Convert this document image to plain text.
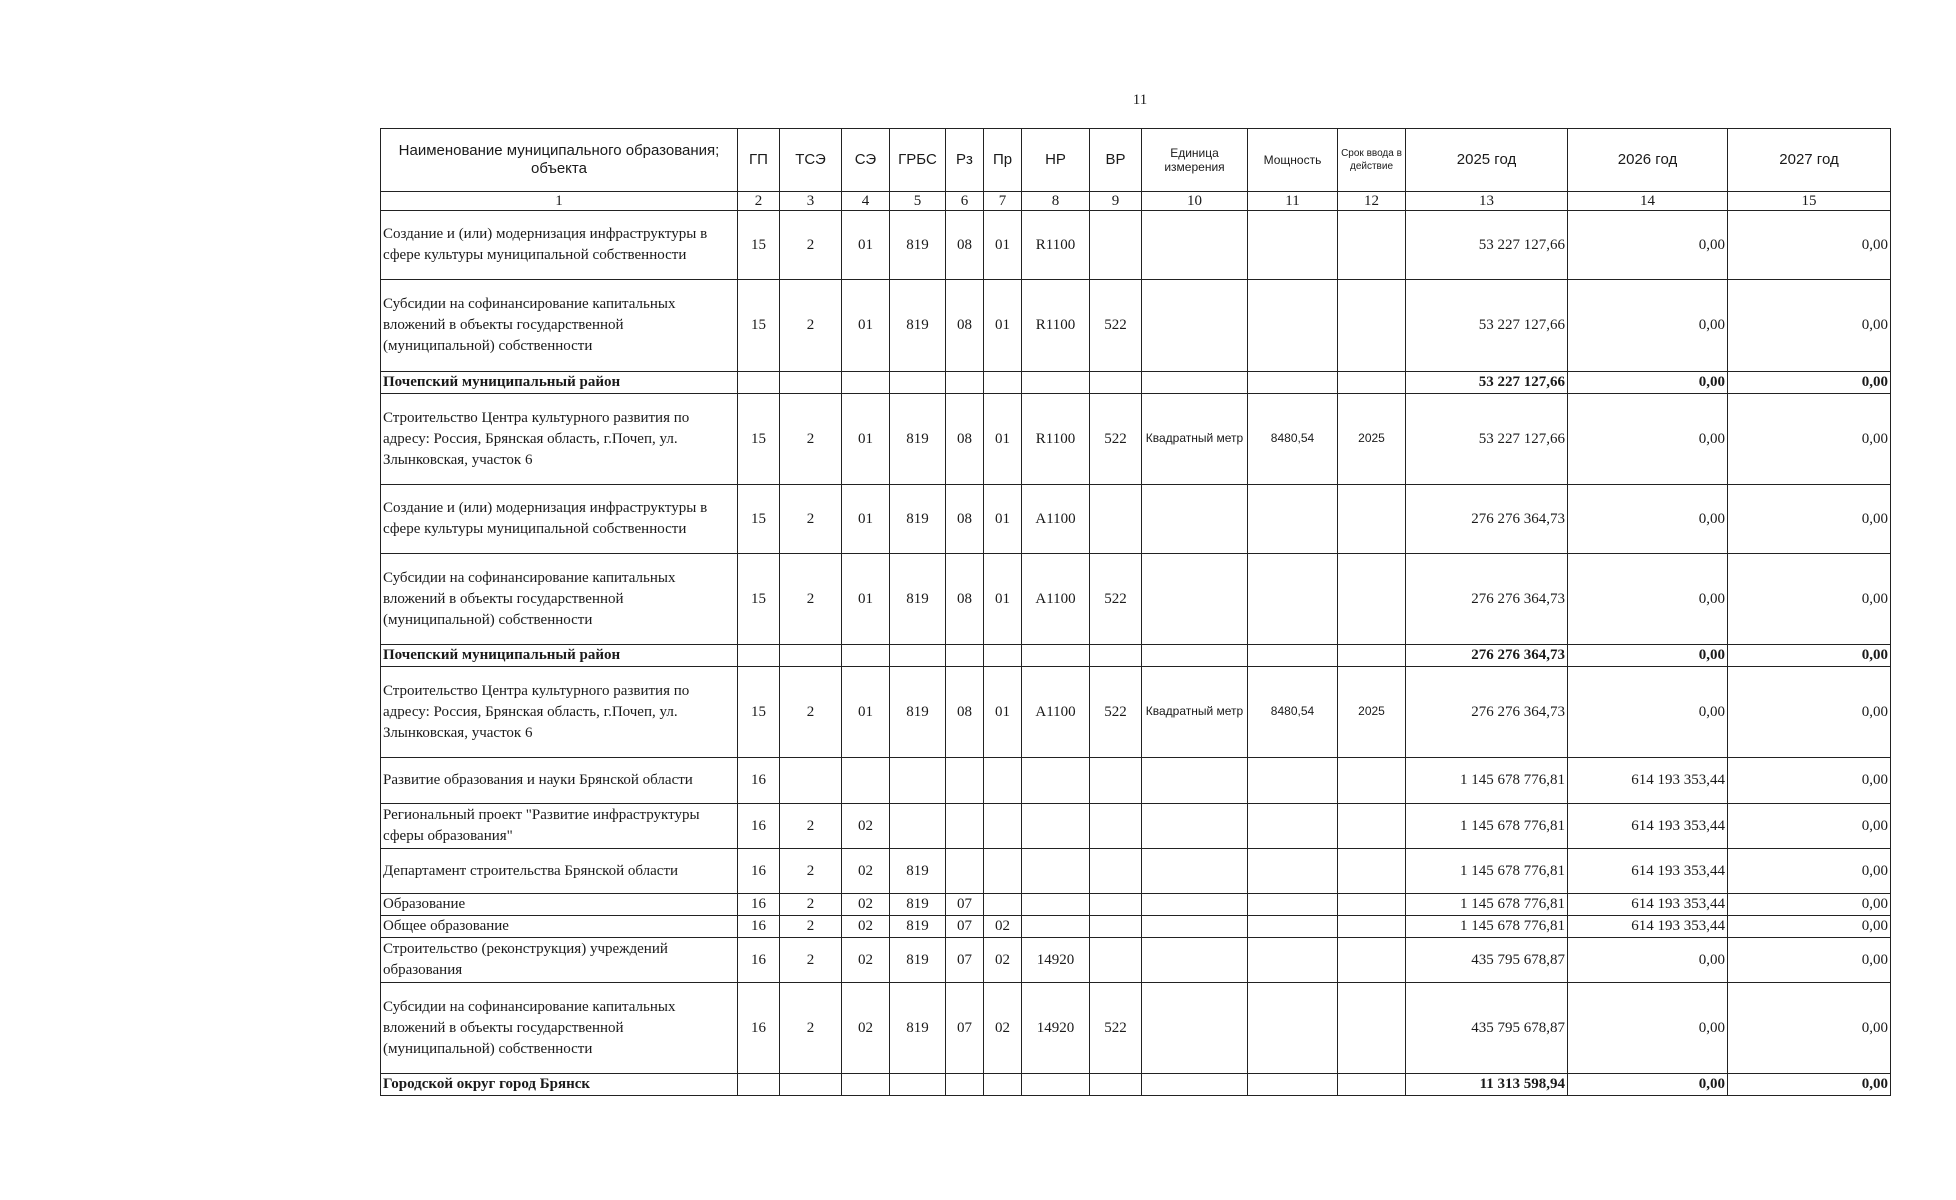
11
Наименование муниципального образования; объекта	ГП	ТСЭ	СЭ	ГРБС	Рз	Пр	НР	ВР	Единица измерения	Мощность	Срок ввода в действие	2025 год	2026 год	2027 год
1	2	3	4	5	6	7	8	9	10	11	12	13	14	15
Создание и (или) модернизация инфраструктуры в сфере культуры муниципальной собственности	15	2	01	819	08	01	R1100					53 227 127,66	0,00	0,00
Субсидии на софинансирование капитальных вложений в объекты государственной (муниципальной) собственности	15	2	01	819	08	01	R1100	522				53 227 127,66	0,00	0,00
Почепский муниципальный район												53 227 127,66	0,00	0,00
Строительство Центра культурного развития по адресу: Россия, Брянская область, г.Почеп, ул. Злынковская, участок 6	15	2	01	819	08	01	R1100	522	Квадратный метр	8480,54	2025	53 227 127,66	0,00	0,00
Создание и (или) модернизация инфраструктуры в сфере культуры муниципальной собственности	15	2	01	819	08	01	A1100					276 276 364,73	0,00	0,00
Субсидии на софинансирование капитальных вложений в объекты государственной (муниципальной) собственности	15	2	01	819	08	01	A1100	522				276 276 364,73	0,00	0,00
Почепский муниципальный район												276 276 364,73	0,00	0,00
Строительство Центра культурного развития по адресу: Россия, Брянская область, г.Почеп, ул. Злынковская, участок 6	15	2	01	819	08	01	A1100	522	Квадратный метр	8480,54	2025	276 276 364,73	0,00	0,00
Развитие образования и науки Брянской области	16											1 145 678 776,81	614 193 353,44	0,00
Региональный проект "Развитие инфраструктуры сферы образования"	16	2	02									1 145 678 776,81	614 193 353,44	0,00
Департамент строительства Брянской области	16	2	02	819								1 145 678 776,81	614 193 353,44	0,00
Образование	16	2	02	819	07							1 145 678 776,81	614 193 353,44	0,00
Общее образование	16	2	02	819	07	02						1 145 678 776,81	614 193 353,44	0,00
Строительство (реконструкция) учреждений образования	16	2	02	819	07	02	14920					435 795 678,87	0,00	0,00
Субсидии на софинансирование капитальных вложений в объекты государственной (муниципальной) собственности	16	2	02	819	07	02	14920	522				435 795 678,87	0,00	0,00
Городской округ город Брянск												11 313 598,94	0,00	0,00
